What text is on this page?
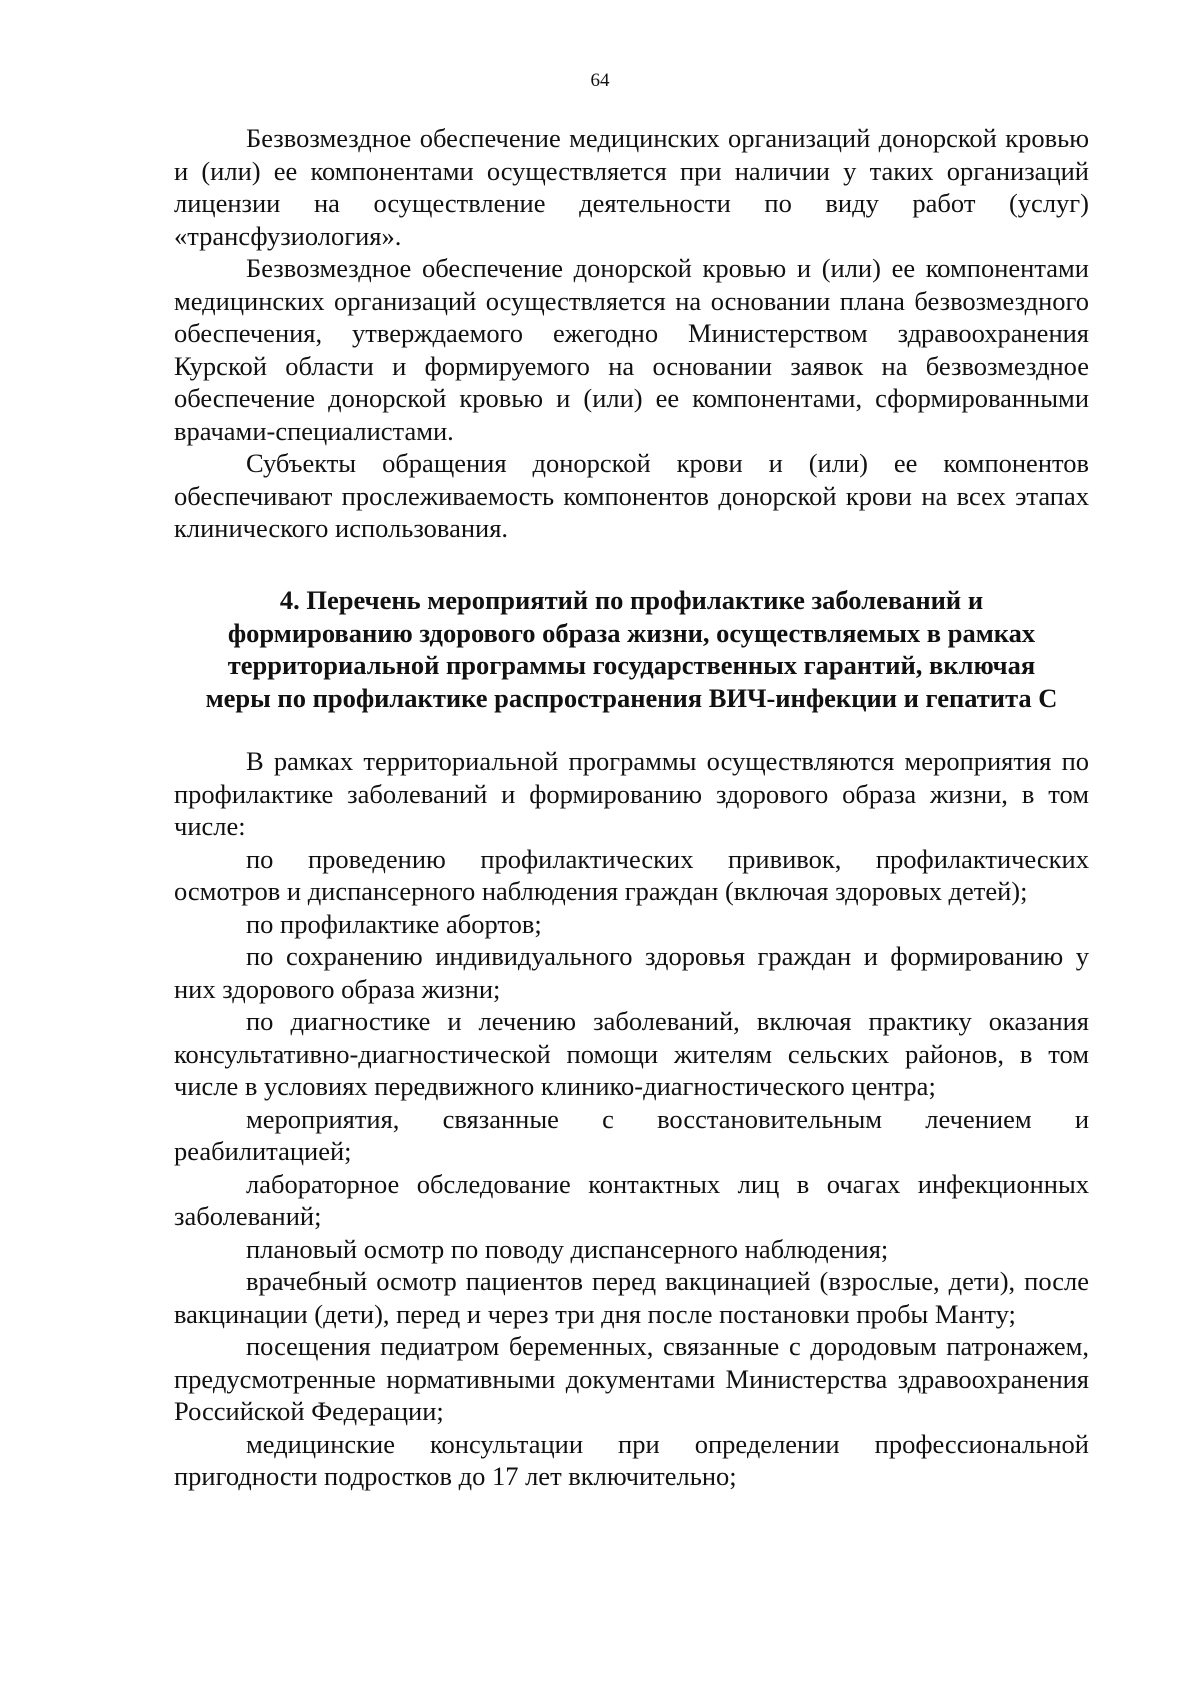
64

Безвозмездное обеспечение медицинских организаций донорской кровью и (или) ее компонентами осуществляется при наличии у таких организаций лицензии на осуществление деятельности по виду работ (услуг) «трансфузиология».

Безвозмездное обеспечение донорской кровью и (или) ее компонентами медицинских организаций осуществляется на основании плана безвозмездного обеспечения, утверждаемого ежегодно Министерством здравоохранения Курской области и формируемого на основании заявок на безвозмездное обеспечение донорской кровью и (или) ее компонентами, сформированными врачами-специалистами.

Субъекты обращения донорской крови и (или) ее компонентов обеспечивают прослеживаемость компонентов донорской крови на всех этапах клинического использования.

4. Перечень мероприятий по профилактике заболеваний и
формированию здорового образа жизни, осуществляемых в рамках
территориальной программы государственных гарантий, включая
меры по профилактике распространения ВИЧ-инфекции и гепатита С

В рамках территориальной программы осуществляются мероприятия по профилактике заболеваний и формированию здорового образа жизни, в том числе:

по проведению профилактических прививок, профилактических осмотров и диспансерного наблюдения граждан (включая здоровых детей);

по профилактике абортов;

по сохранению индивидуального здоровья граждан и формированию у них здорового образа жизни;

по диагностике и лечению заболеваний, включая практику оказания консультативно-диагностической помощи жителям сельских районов, в том числе в условиях передвижного клинико-диагностического центра;

мероприятия, связанные с восстановительным лечением и реабилитацией;

лабораторное обследование контактных лиц в очагах инфекционных заболеваний;

плановый осмотр по поводу диспансерного наблюдения;

врачебный осмотр пациентов перед вакцинацией (взрослые, дети), после вакцинации (дети), перед и через три дня после постановки пробы Манту;

посещения педиатром беременных, связанные с дородовым патронажем, предусмотренные нормативными документами Министерства здравоохранения Российской Федерации;

медицинские консультации при определении профессиональной пригодности подростков до 17 лет включительно;
